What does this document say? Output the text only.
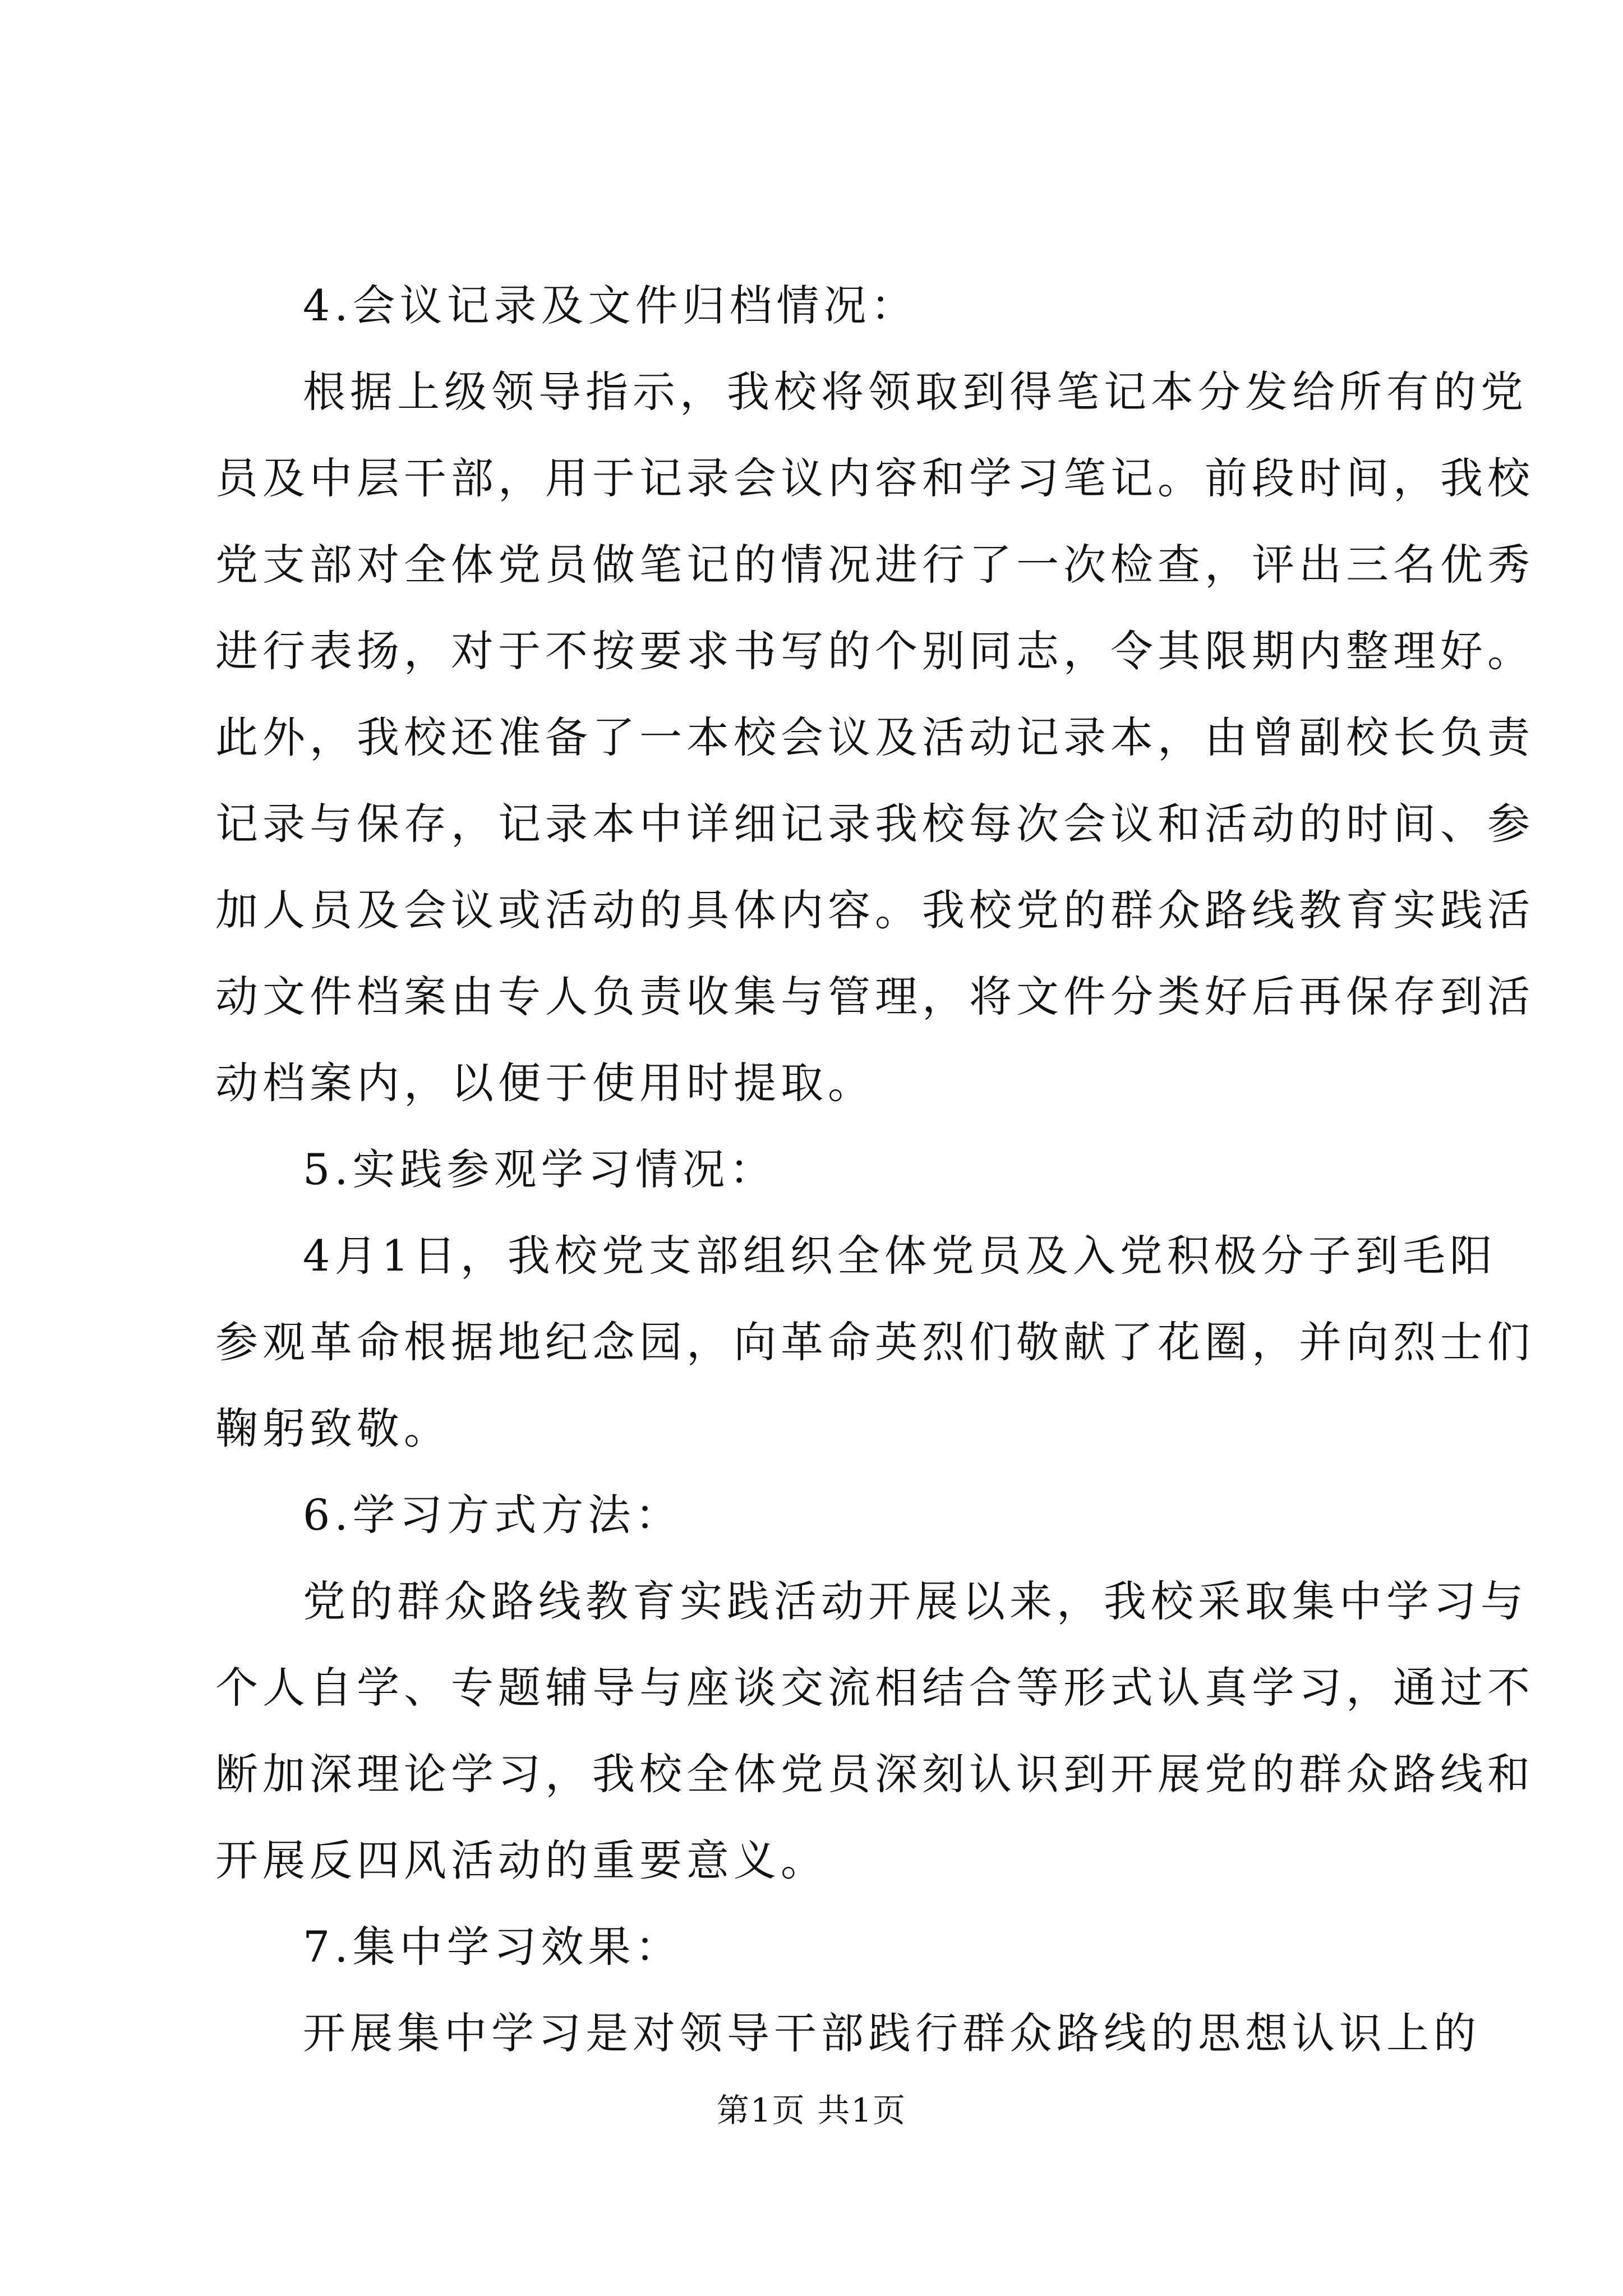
4.会议记录及文件归档情况：
根据上级领导指示，我校将领取到得笔记本分发给所有的党
员及中层干部，用于记录会议内容和学习笔记。前段时间，我校
党支部对全体党员做笔记的情况进行了一次检查，评出三名优秀
进行表扬，对于不按要求书写的个别同志，令其限期内整理好。
此外，我校还准备了一本校会议及活动记录本，由曾副校长负责
记录与保存，记录本中详细记录我校每次会议和活动的时间、参
加人员及会议或活动的具体内容。我校党的群众路线教育实践活
动文件档案由专人负责收集与管理，将文件分类好后再保存到活
动档案内，以便于使用时提取。
5.实践参观学习情况：
4月1日，我校党支部组织全体党员及入党积极分子到毛阳
参观革命根据地纪念园，向革命英烈们敬献了花圈，并向烈士们
鞠躬致敬。
6.学习方式方法：
党的群众路线教育实践活动开展以来，我校采取集中学习与
个人自学、专题辅导与座谈交流相结合等形式认真学习，通过不
断加深理论学习，我校全体党员深刻认识到开展党的群众路线和
开展反四风活动的重要意义。
7.集中学习效果：
开展集中学习是对领导干部践行群众路线的思想认识上的
第1页 共1页
